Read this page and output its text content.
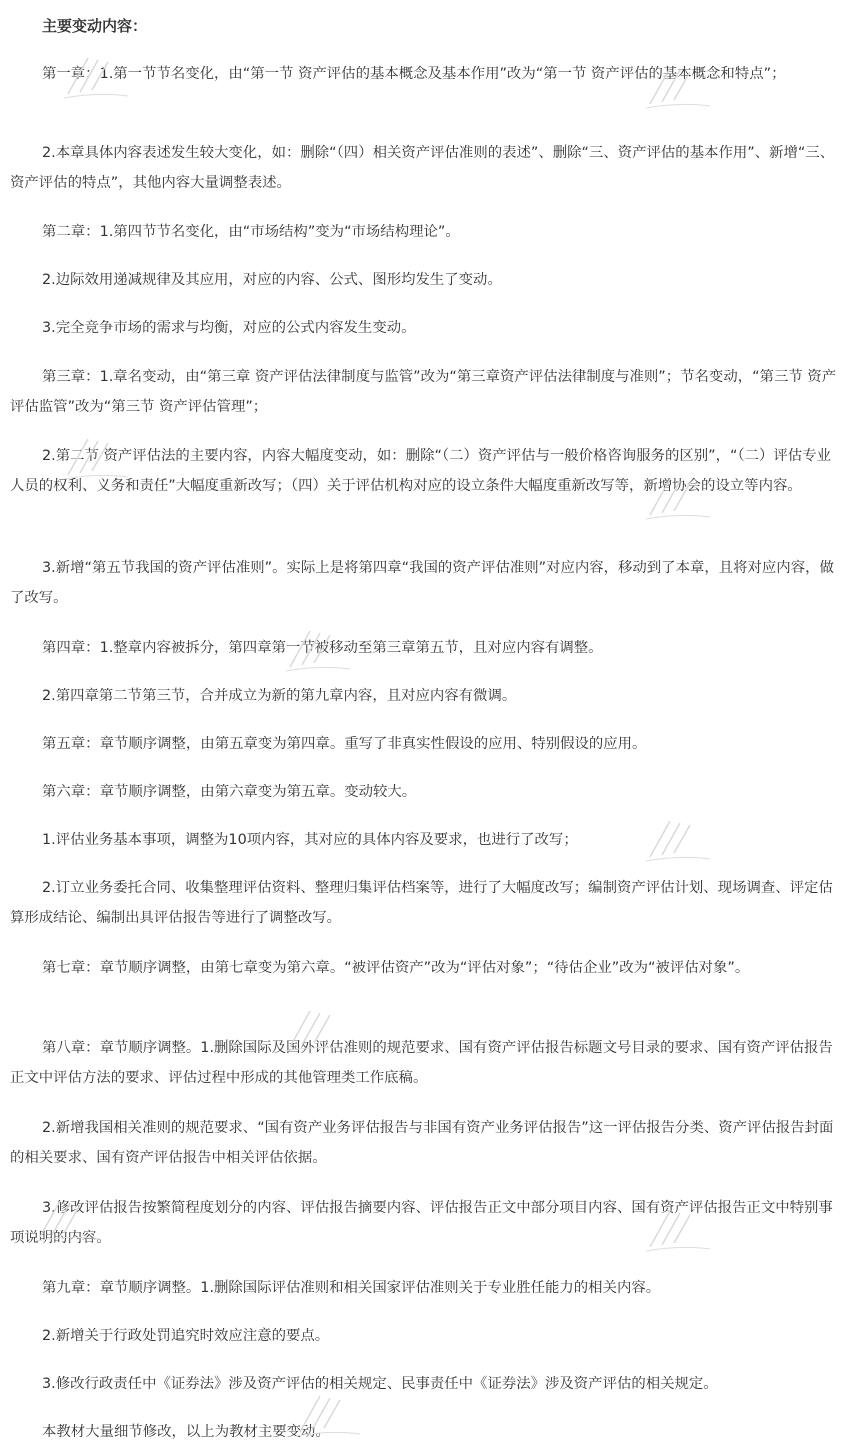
主要变动内容：

第一章：1.第一节节名变化，由“第一节 资产评估的基本概念及基本作用”改为“第一节 资产评估的基本概念和特点”；

2.本章具体内容表述发生较大变化，如：删除“（四）相关资产评估准则的表述”、删除“三、资产评估的基本作用”、新增“三、资产评估的特点”，其他内容大量调整表述。

第二章：1.第四节节名变化，由“市场结构”变为“市场结构理论”。

2.边际效用递减规律及其应用，对应的内容、公式、图形均发生了变动。

3.完全竞争市场的需求与均衡，对应的公式内容发生变动。

第三章：1.章名变动，由“第三章 资产评估法律制度与监管”改为“第三章资产评估法律制度与准则”；节名变动，“第三节 资产评估监管”改为“第三节 资产评估管理”；

2.第二节 资产评估法的主要内容，内容大幅度变动，如：删除“（二）资产评估与一般价格咨询服务的区别”，“（二）评估专业人员的权利、义务和责任”大幅度重新改写；（四）关于评估机构对应的设立条件大幅度重新改写等，新增协会的设立等内容。

3.新增“第五节我国的资产评估准则”。实际上是将第四章“我国的资产评估准则”对应内容，移动到了本章，且将对应内容，做了改写。

第四章：1.整章内容被拆分，第四章第一节被移动至第三章第五节，且对应内容有调整。

2.第四章第二节第三节，合并成立为新的第九章内容，且对应内容有微调。

第五章：章节顺序调整，由第五章变为第四章。重写了非真实性假设的应用、特别假设的应用。

第六章：章节顺序调整，由第六章变为第五章。变动较大。

1.评估业务基本事项，调整为10项内容，其对应的具体内容及要求，也进行了改写；

2.订立业务委托合同、收集整理评估资料、整理归集评估档案等，进行了大幅度改写；编制资产评估计划、现场调查、评定估算形成结论、编制出具评估报告等进行了调整改写。

第七章：章节顺序调整，由第七章变为第六章。“被评估资产”改为“评估对象”；“待估企业”改为“被评估对象”。

第八章：章节顺序调整。1.删除国际及国外评估准则的规范要求、国有资产评估报告标题文号目录的要求、国有资产评估报告正文中评估方法的要求、评估过程中形成的其他管理类工作底稿。

2.新增我国相关准则的规范要求、“国有资产业务评估报告与非国有资产业务评估报告”这一评估报告分类、资产评估报告封面的相关要求、国有资产评估报告中相关评估依据。

3.修改评估报告按繁简程度划分的内容、评估报告摘要内容、评估报告正文中部分项目内容、国有资产评估报告正文中特别事项说明的内容。

第九章：章节顺序调整。1.删除国际评估准则和相关国家评估准则关于专业胜任能力的相关内容。

2.新增关于行政处罚追究时效应注意的要点。

3.修改行政责任中《证券法》涉及资产评估的相关规定、民事责任中《证券法》涉及资产评估的相关规定。

本教材大量细节修改，以上为教材主要变动。
